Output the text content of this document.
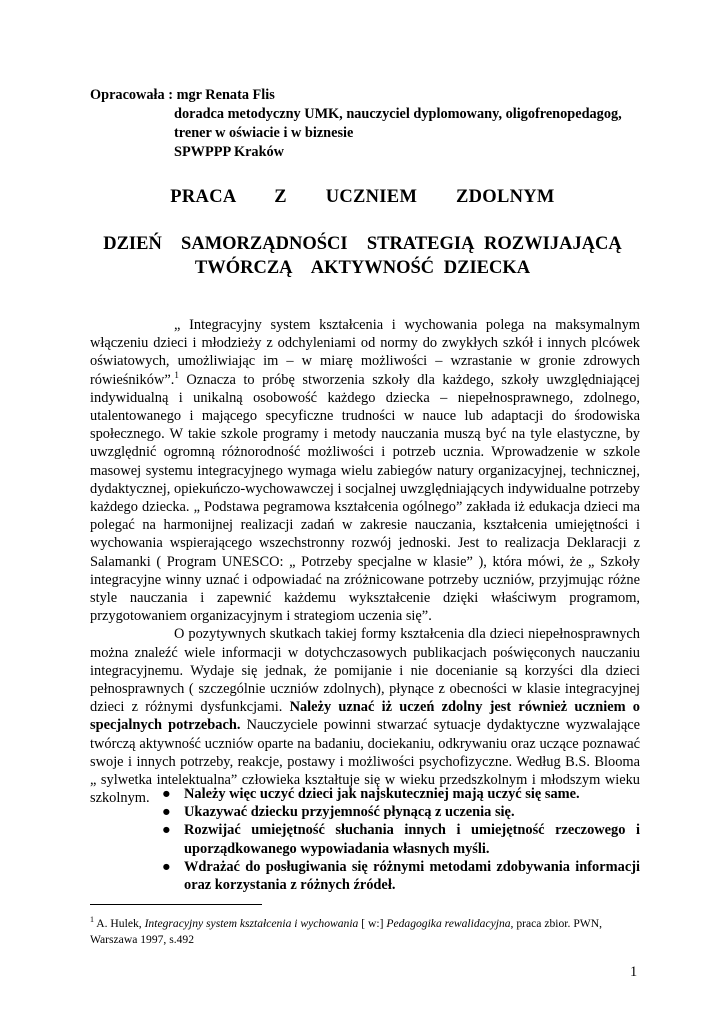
Opracowała : mgr Renata Flis
doradca metodyczny UMK, nauczyciel dyplomowany, oligofrenopedagog,
trener w oświacie i w biznesie
SPWPPP Kraków
PRACA   Z   UCZNIEM   ZDOLNYM
DZIEŃ  SAMORZĄDNOŚCI  STRATEGIĄ ROZWIJAJĄCĄ
TWÓRCZĄ  AKTYWNOŚĆ DZIECKA

„ Integracyjny system kształcenia i wychowania polega na maksymalnym włączeniu dzieci i młodzieży z odchyleniami od normy do zwykłych szkół i innych plcówek oświatowych, umożliwiając im – w miarę możliwości – wzrastanie w gronie zdrowych rówieśników”.$^1$ Oznacza to próbę stworzenia szkoły dla każdego, szkoły uwzględniającej indywidualną i unikalną osobowość każdego dziecka – niepełnosprawnego, zdolnego, utalentowanego i mającego specyficzne trudności w nauce lub adaptacji do środowiska społecznego. W takie szkole programy i metody nauczania muszą być na tyle elastyczne, by uwzględnić ogromną różnorodność możliwości i potrzeb ucznia. Wprowadzenie w szkole masowej systemu integracyjnego wymaga wielu zabiegów natury organizacyjnej, technicznej, dydaktycznej, opiekuńczo-wychowawczej i socjalnej uwzględniających indywidualne potrzeby każdego dziecka. „ Podstawa pegramowa kształcenia ogólnego” zakłada iż edukacja dzieci ma polegać na harmonijnej realizacji zadań w zakresie nauczania, kształcenia umiejętności i wychowania wspierającego wszechstronny rozwój jednoski. Jest to realizacja Deklaracji z Salamanki ( Program UNESCO: „ Potrzeby specjalne w klasie” ), która mówi, że „ Szkoły integracyjne winny uznać i odpowiadać na zróżnicowane potrzeby uczniów, przyjmując różne style nauczania i zapewnić każdemu wykształcenie dzięki właściwym programom, przygotowaniem organizacyjnym i strategiom uczenia się”.

O pozytywnych skutkach takiej formy kształcenia dla dzieci niepełnosprawnych można znaleźć wiele informacji w dotychczasowych publikacjach poświęconych nauczaniu integracyjnemu. Wydaje się jednak, że pomijanie i nie docenianie są korzyści dla dzieci pełnosprawnych ( szczególnie uczniów zdolnych), płynące z obecności w klasie integracyjnej dzieci z różnymi dysfunkcjami. Należy uznać iż uczeń zdolny jest również uczniem o specjalnych potrzebach. Nauczyciele powinni stwarzać sytuacje dydaktyczne wyzwalające twórczą aktywność uczniów oparte na badaniu, dociekaniu, odkrywaniu oraz uczące poznawać swoje i innych potrzeby, reakcje, postawy i możliwości psychofizyczne. Według B.S. Blooma „ sylwetka intelektualna” człowieka kształtuje się w wieku przedszkolnym i młodszym wieku szkolnym. ● Należy więc uczyć dzieci jak najskuteczniej mają uczyć się same.
● Ukazywać dziecku przyjemność płynącą z uczenia się.
● Rozwijać umiejętność słuchania innych i umiejętność rzeczowego i uporządkowanego wypowiadania własnych myśli.
● Wdrażać do posługiwania się różnymi metodami zdobywania informacji oraz korzystania z różnych źródeł.
$^1$ A. Hulek, Integracyjny system kształcenia i wychowania [ w:] Pedagogika rewalidacyjna, praca zbior. PWN, Warszawa 1997, s.492
1
